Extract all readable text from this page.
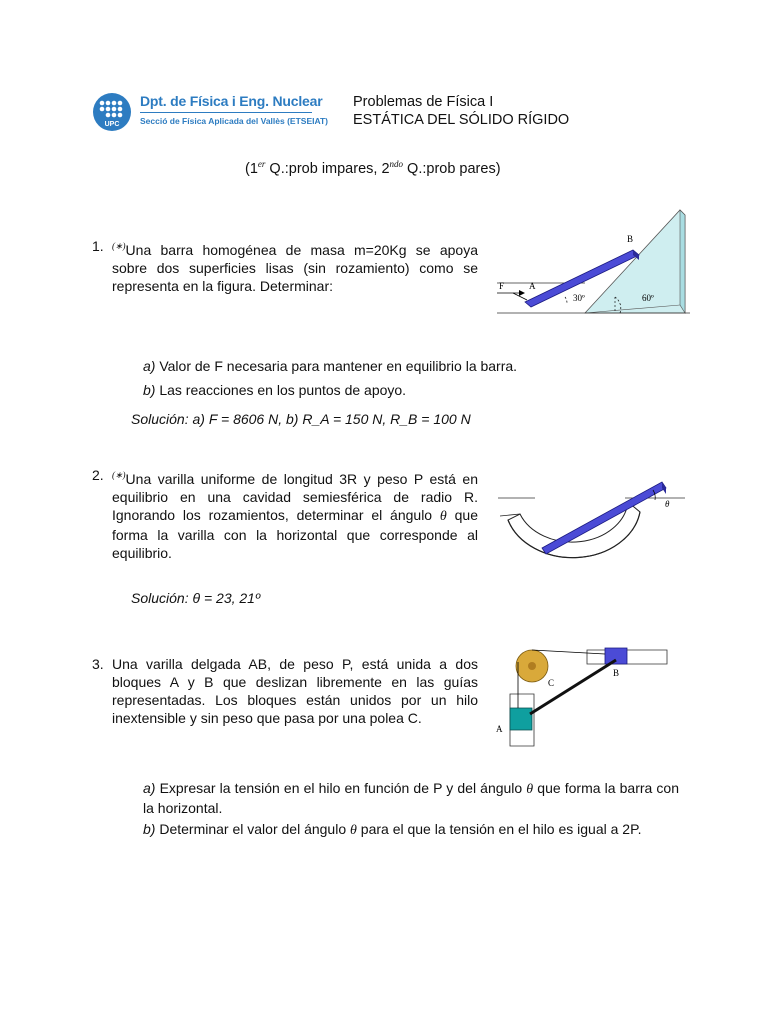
UPC
Dpt. de Física i Eng. Nuclear
Secció de Física Aplicada del Vallès (ETSEIAT)
Problemas de Física I
ESTÁTICA DEL SÓLIDO RÍGIDO
(1er Q.:prob impares, $2^{ndo}$ Q.:prob pares)
1. (∗)Una barra homogénea de masa m=20Kg se apoya sobre dos superficies lisas (sin rozamiento) como se representa en la figura. Determinar:
B
F	A
30º	60º
a) Valor de F necesaria para mantener en equilibrio la barra.
b) Las reacciones en los puntos de apoyo.
Solución: a) F = 8606 N, b) R_A = 150 N, R_B = 100 N
2. (∗)Una varilla uniforme de longitud 3R y peso P está en equilibrio en una cavidad semiesférica de radio R. Ignorando los rozamientos, determinar el ángulo θ que forma la varilla con la horizontal que corresponde al equilibrio.
θ
Solución: θ = 23, 21º
3. Una varilla delgada AB, de peso P, está unida a dos bloques A y B que deslizan libremente en las guías representadas. Los bloques están unidos por un hilo inextensible y sin peso que pasa por una polea C.
C
B
A
a) Expresar la tensión en el hilo en función de P y del ángulo θ que forma la barra con la horizontal.
b) Determinar el valor del ángulo θ para el que la tensión en el hilo es igual a 2P.
